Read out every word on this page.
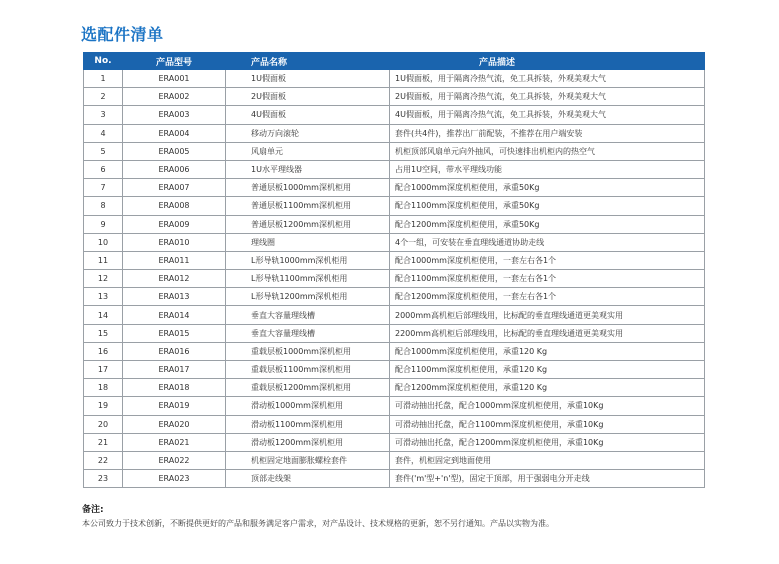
选配件清单
No.	产品型号	产品名称	产品描述
1	ERA001	1U假面板	1U假面板，用于隔离冷热气流，免工具拆装，外观美观大气
2	ERA002	2U假面板	2U假面板，用于隔离冷热气流，免工具拆装，外观美观大气
3	ERA003	4U假面板	4U假面板，用于隔离冷热气流，免工具拆装，外观美观大气
4	ERA004	移动万向滚轮	套件(共4件)，推荐出厂前配装，不推荐在用户端安装
5	ERA005	风扇单元	机柜顶部风扇单元向外抽风，可快速排出机柜内的热空气
6	ERA006	1U水平理线器	占用1U空间，带水平理线功能
7	ERA007	普通层板1000mm深机柜用	配合1000mm深度机柜使用，承重50Kg
8	ERA008	普通层板1100mm深机柜用	配合1100mm深度机柜使用，承重50Kg
9	ERA009	普通层板1200mm深机柜用	配合1200mm深度机柜使用，承重50Kg
10	ERA010	理线圈	4个一组，可安装在垂直理线通道协助走线
11	ERA011	L形导轨1000mm深机柜用	配合1000mm深度机柜使用，一套左右各1个
12	ERA012	L形导轨1100mm深机柜用	配合1100mm深度机柜使用，一套左右各1个
13	ERA013	L形导轨1200mm深机柜用	配合1200mm深度机柜使用，一套左右各1个
14	ERA014	垂直大容量理线槽	2000mm高机柜后部理线用，比标配的垂直理线通道更美观实用
15	ERA015	垂直大容量理线槽	2200mm高机柜后部理线用，比标配的垂直理线通道更美观实用
16	ERA016	重载层板1000mm深机柜用	配合1000mm深度机柜使用，承重120 Kg
17	ERA017	重载层板1100mm深机柜用	配合1100mm深度机柜使用，承重120 Kg
18	ERA018	重载层板1200mm深机柜用	配合1200mm深度机柜使用，承重120 Kg
19	ERA019	滑动板1000mm深机柜用	可滑动抽出托盘，配合1000mm深度机柜使用，承重10Kg
20	ERA020	滑动板1100mm深机柜用	可滑动抽出托盘，配合1100mm深度机柜使用，承重10Kg
21	ERA021	滑动板1200mm深机柜用	可滑动抽出托盘，配合1200mm深度机柜使用，承重10Kg
22	ERA022	机柜固定地面膨胀螺栓套件	套件，机柜固定到地面使用
23	ERA023	顶部走线架	套件('m'型+'n'型)，固定于顶部，用于强弱电分开走线
备注:
本公司致力于技术创新，不断提供更好的产品和服务满足客户需求，对产品设计、技术规格的更新，恕不另行通知。产品以实物为准。
